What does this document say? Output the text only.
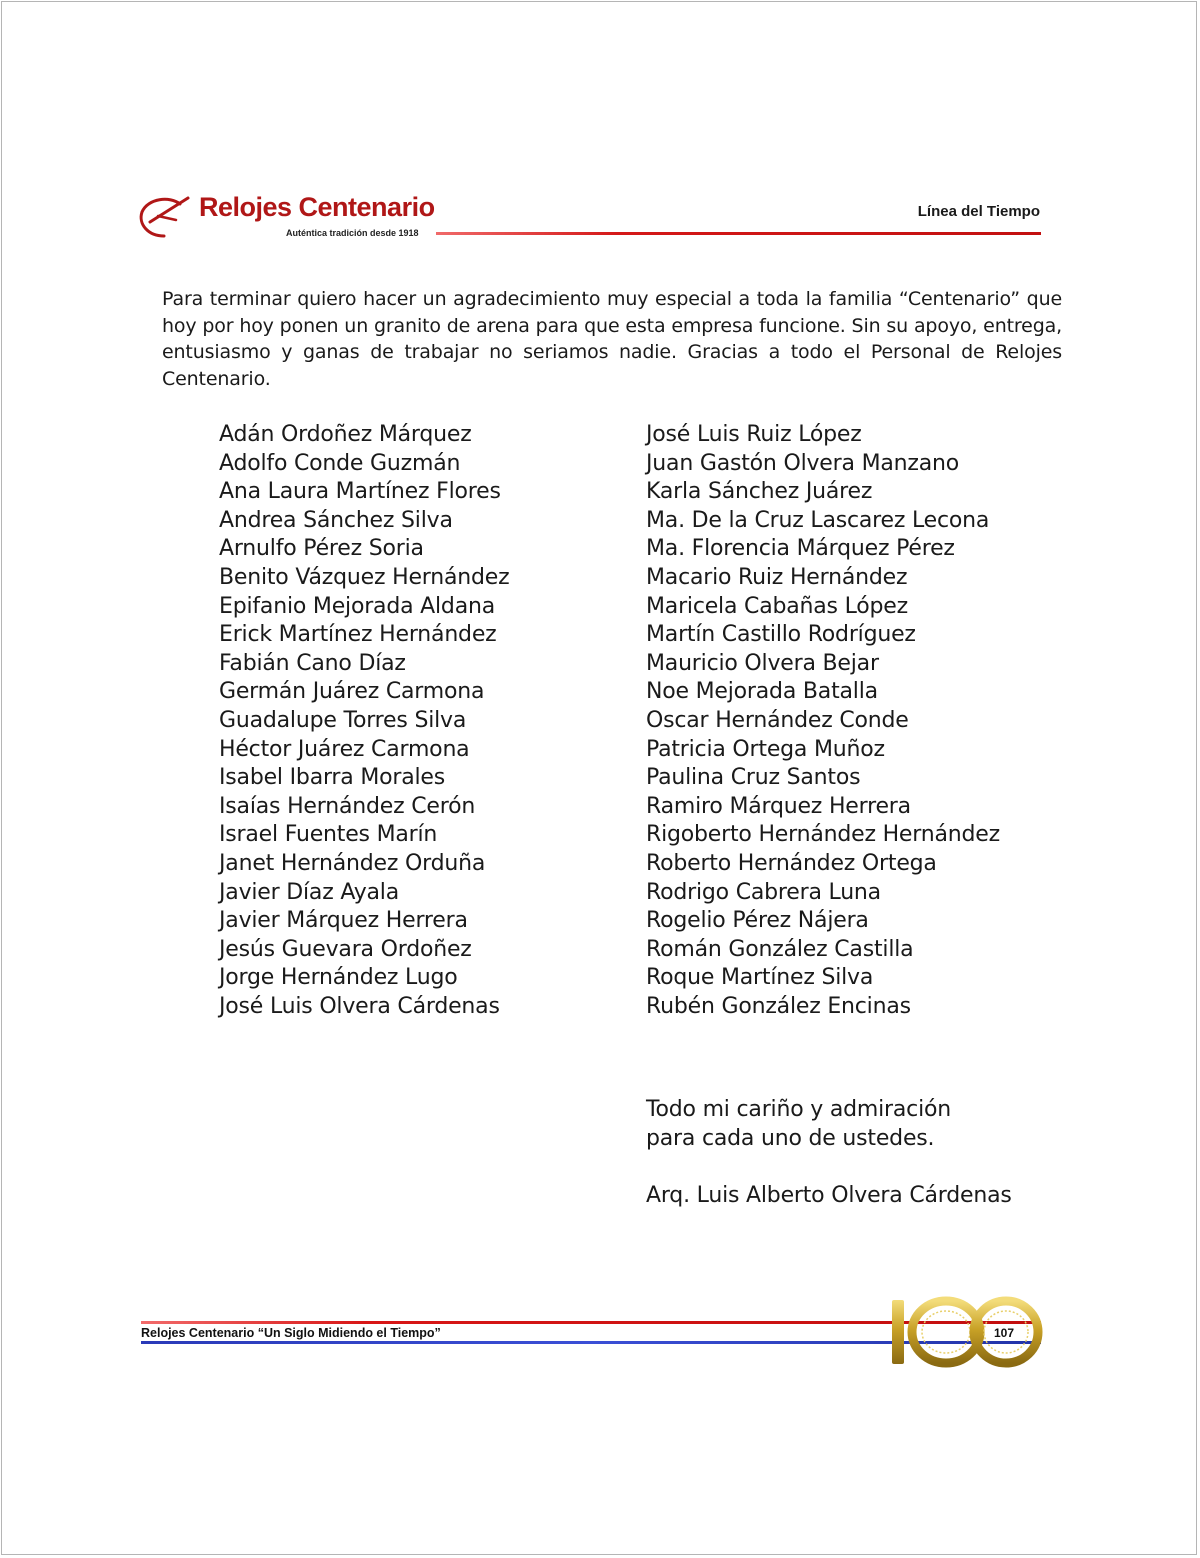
Relojes Centenario
Auténtica tradición desde 1918
Línea del Tiempo

Para terminar quiero hacer un agradecimiento muy especial a toda la familia “Centenario” que hoy por hoy ponen un granito de arena para que esta empresa funcione. Sin su apoyo, entrega, entusiasmo y ganas de trabajar no seriamos nadie. Gracias a todo el Personal de Relojes Centenario.

Adán Ordoñez Márquez
Adolfo Conde Guzmán
Ana Laura Martínez Flores
Andrea Sánchez Silva
Arnulfo Pérez Soria
Benito Vázquez Hernández
Epifanio Mejorada Aldana
Erick Martínez Hernández
Fabián Cano Díaz
Germán Juárez Carmona
Guadalupe Torres Silva
Héctor Juárez Carmona
Isabel Ibarra Morales
Isaías Hernández Cerón
Israel Fuentes Marín
Janet Hernández Orduña
Javier Díaz Ayala
Javier Márquez Herrera
Jesús Guevara Ordoñez
Jorge Hernández Lugo
José Luis Olvera Cárdenas
José Luis Ruiz López
Juan Gastón Olvera Manzano
Karla Sánchez Juárez
Ma. De la Cruz Lascarez Lecona
Ma. Florencia Márquez Pérez
Macario Ruiz Hernández
Maricela Cabañas López
Martín Castillo Rodríguez
Mauricio Olvera Bejar
Noe Mejorada Batalla
Oscar Hernández Conde
Patricia Ortega Muñoz
Paulina Cruz Santos
Ramiro Márquez Herrera
Rigoberto Hernández Hernández
Roberto Hernández Ortega
Rodrigo Cabrera Luna
Rogelio Pérez Nájera
Román González Castilla
Roque Martínez Silva
Rubén González Encinas
Todo mi cariño y admiración
para cada uno de ustedes.
Arq. Luis Alberto Olvera Cárdenas
Relojes Centenario “Un Siglo Midiendo el Tiempo”	107
